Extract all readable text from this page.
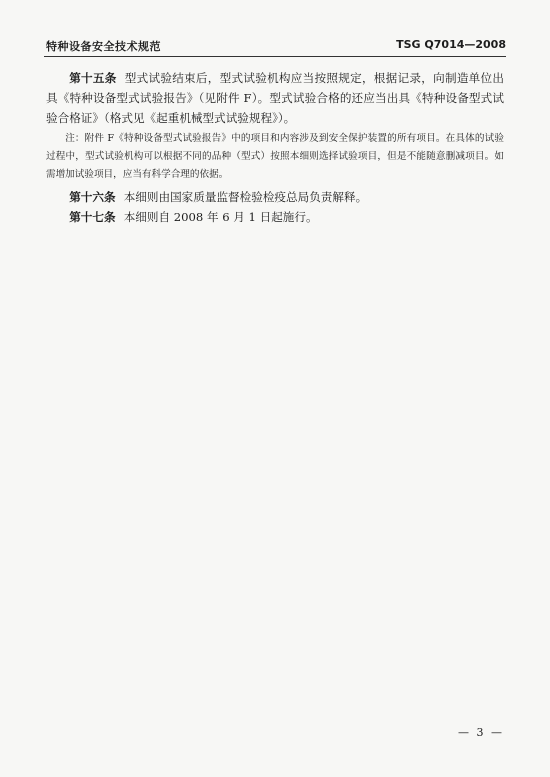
特种设备安全技术规范	TSG Q7014—2008

第十五条 型式试验结束后，型式试验机构应当按照规定，根据记录，向制造单位出具《特种设备型式试验报告》（见附件 F）。型式试验合格的还应当出具《特种设备型式试验合格证》（格式见《起重机械型式试验规程》）。

注：附件 F《特种设备型式试验报告》中的项目和内容涉及到安全保护装置的所有项目。在具体的试验过程中，型式试验机构可以根据不同的品种（型式）按照本细则选择试验项目，但是不能随意删减项目。如需增加试验项目，应当有科学合理的依据。

第十六条 本细则由国家质量监督检验检疫总局负责解释。

第十七条 本细则自 2008 年 6 月 1 日起施行。

— 3 —
